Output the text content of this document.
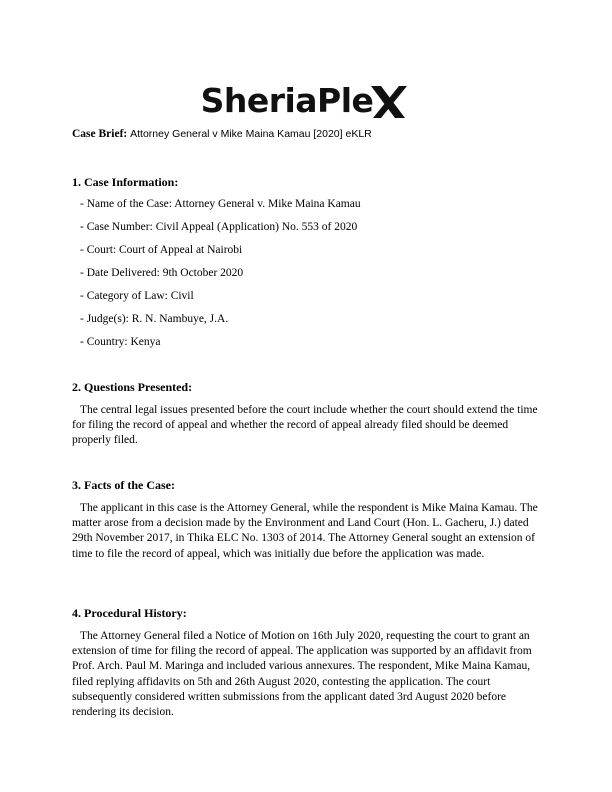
SheriaPle
Case Brief: Attorney General v Mike Maina Kamau [2020] eKLR
1. Case Information:
- Name of the Case: Attorney General v. Mike Maina Kamau
- Case Number: Civil Appeal (Application) No. 553 of 2020
- Court: Court of Appeal at Nairobi
- Date Delivered: 9th October 2020
- Category of Law: Civil
- Judge(s): R. N. Nambuye, J.A.
- Country: Kenya
2. Questions Presented:

The central legal issues presented before the court include whether the court should extend the time for filing the record of appeal and whether the record of appeal already filed should be deemed properly filed.

3. Facts of the Case:

The applicant in this case is the Attorney General, while the respondent is Mike Maina Kamau. The matter arose from a decision made by the Environment and Land Court (Hon. L. Gacheru, J.) dated 29th November 2017, in Thika ELC No. 1303 of 2014. The Attorney General sought an extension of time to file the record of appeal, which was initially due before the application was made.

4. Procedural History:

The Attorney General filed a Notice of Motion on 16th July 2020, requesting the court to grant an extension of time for filing the record of appeal. The application was supported by an affidavit from Prof. Arch. Paul M. Maringa and included various annexures. The respondent, Mike Maina Kamau, filed replying affidavits on 5th and 26th August 2020, contesting the application. The court subsequently considered written submissions from the applicant dated 3rd August 2020 before rendering its decision.
